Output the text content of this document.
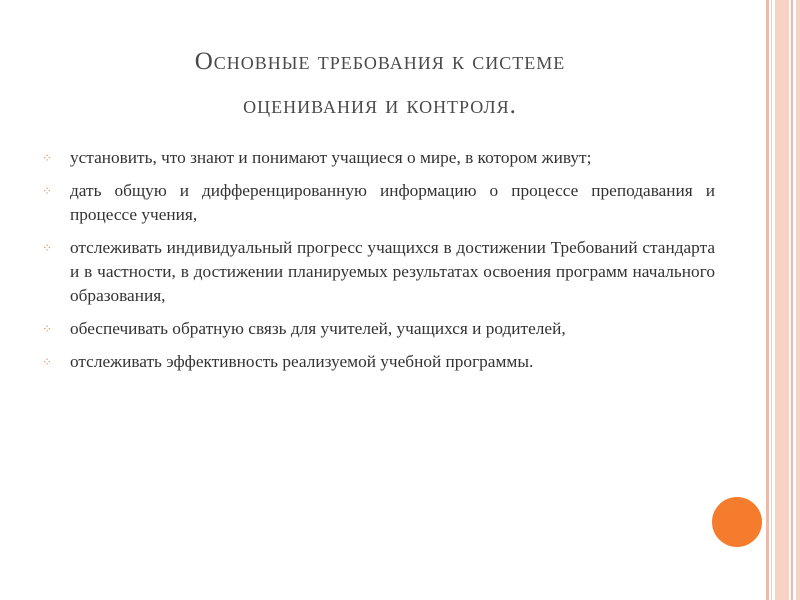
Основные требования к системе
оценивания и контроля.
⁘ установить, что знают и понимают учащиеся о мире, в котором живут;
⁘ дать общую и дифференцированную информацию о процессе преподавания и процессе учения,
⁘ отслеживать индивидуальный прогресс учащихся в достижении Требований стандарта и в частности, в достижении планируемых результатах освоения программ начального образования,
⁘ обеспечивать обратную связь для учителей, учащихся и родителей,
⁘ отслеживать эффективность реализуемой учебной программы.
